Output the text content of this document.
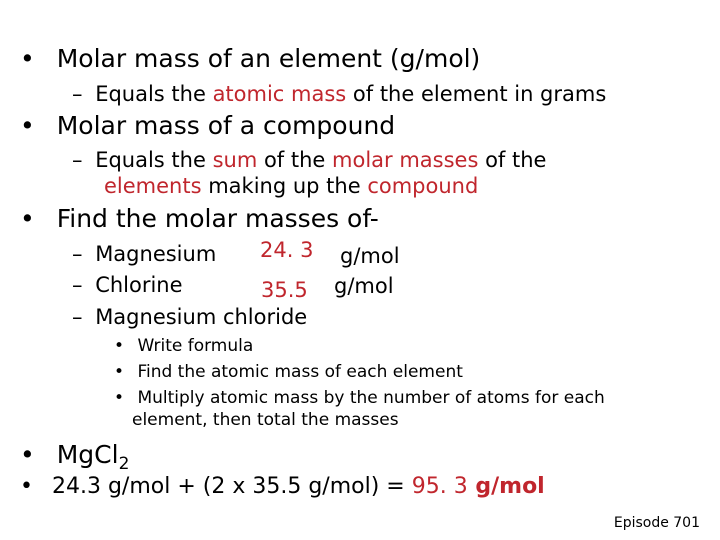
• Molar mass of an element (g/mol)
– Equals the atomic mass of the element in grams
• Molar mass of a compound
– Equals the sum of the molar masses of the
elements making up the compound
• Find the molar masses of-
– Magnesium 24. 3 g/mol
– Chlorine	35.5 g/mol
– Magnesium chloride
• Write formula
• Find the atomic mass of each element
• Multiply atomic mass by the number of atoms for each
element, then total the masses
• MgCl$_2$
• 24.3 g/mol + (2 x 35.5 g/mol) = 95. 3 g/mol
Episode 701
